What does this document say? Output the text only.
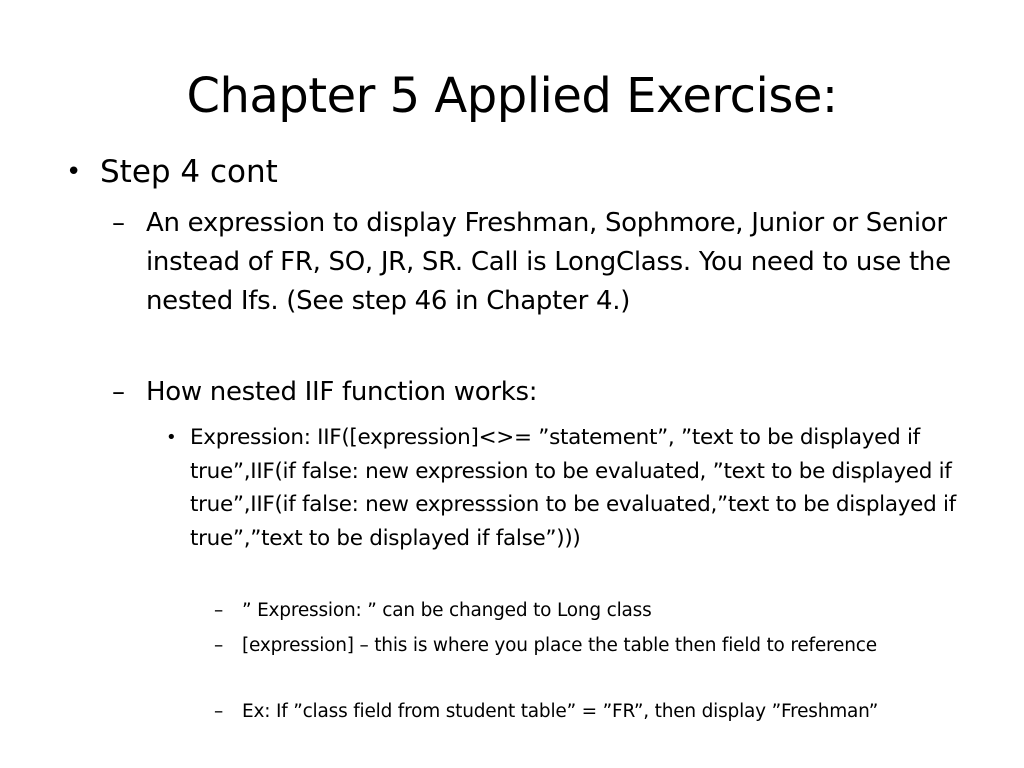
Chapter 5 Applied Exercise:
• Step 4 cont
– An expression to display Freshman, Sophmore, Junior or Senior instead of FR, SO, JR, SR. Call is LongClass. You need to use the nested Ifs. (See step 46 in Chapter 4.)
– How nested IIF function works:
• Expression: IIF([expression]<>= ”statement”, ”text to be displayed if true”,IIF(if false: new expression to be evaluated, ”text to be displayed if true”,IIF(if false: new expresssion to be evaluated,”text to be displayed if true”,”text to be displayed if false”)))
– ” Expression: ” can be changed to Long class
– [expression] – this is where you place the table then field to reference
– Ex: If ”class field from student table” = ”FR”, then display ”Freshman”
